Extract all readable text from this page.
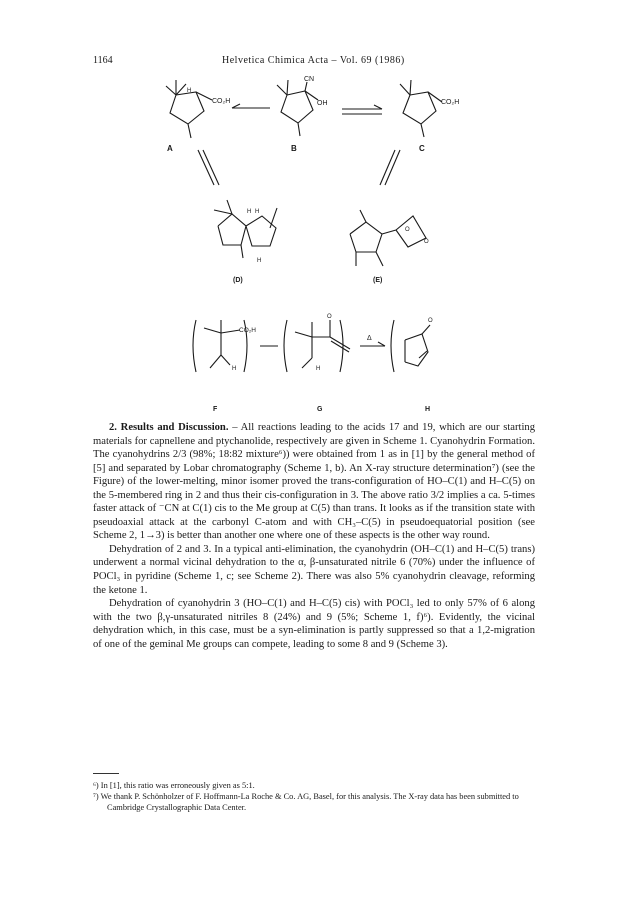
1164	Helvetica Chimica Acta – Vol. 69 (1986)
H
CO₂H
A
CN
OH
B
CO₂H
C
H H
H
(D)
O
O
(E)
CO₂H
H
F
O
H
G
Δ
O
H

2. Results and Discussion. – All reactions leading to the acids 17 and 19, which are our starting materials for capnellene and ptychanolide, respectively are given in Scheme 1. Cyanohydrin Formation. The cyanohydrins 2/3 (98%; 18:82 mixture⁶)) were obtained from 1 as in [1] by the general method of [5] and separated by Lobar chromatography (Scheme 1, b). An X-ray structure determination⁷) (see the Figure) of the lower-melting, minor isomer proved the trans-configuration of HO–C(1) and H–C(5) on the 5-membered ring in 2 and thus their cis-configuration in 3. The above ratio 3/2 implies a ca. 5-times faster attack of ⁻CN at C(1) cis to the Me group at C(5) than trans. It looks as if the transition state with pseudoaxial attack at the carbonyl C-atom and with CH₃–C(5) in pseudoequatorial position (see Scheme 2, 1→3) is better than another one where one of these aspects is the other way round.

Dehydration of 2 and 3. In a typical anti-elimination, the cyanohydrin (OH–C(1) and H–C(5) trans) underwent a normal vicinal dehydration to the α, β-unsaturated nitrile 6 (70%) under the influence of POCl₃ in pyridine (Scheme 1, c; see Scheme 2). There was also 5% cyanohydrin cleavage, reforming the ketone 1.

Dehydration of cyanohydrin 3 (HO–C(1) and H–C(5) cis) with POCl₃ led to only 57% of 6 along with the two β,γ-unsaturated nitriles 8 (24%) and 9 (5%; Scheme 1, f)⁶). Evidently, the vicinal dehydration which, in this case, must be a syn-elimination is partly suppressed so that a 1,2-migration of one of the geminal Me groups can compete, leading to some 8 and 9 (Scheme 3).

⁶) In [1], this ratio was erroneously given as 5:1.
⁷) We thank P. Schönholzer of F. Hoffmann-La Roche & Co. AG, Basel, for this analysis. The X-ray data has been submitted to Cambridge Crystallographic Data Center.
